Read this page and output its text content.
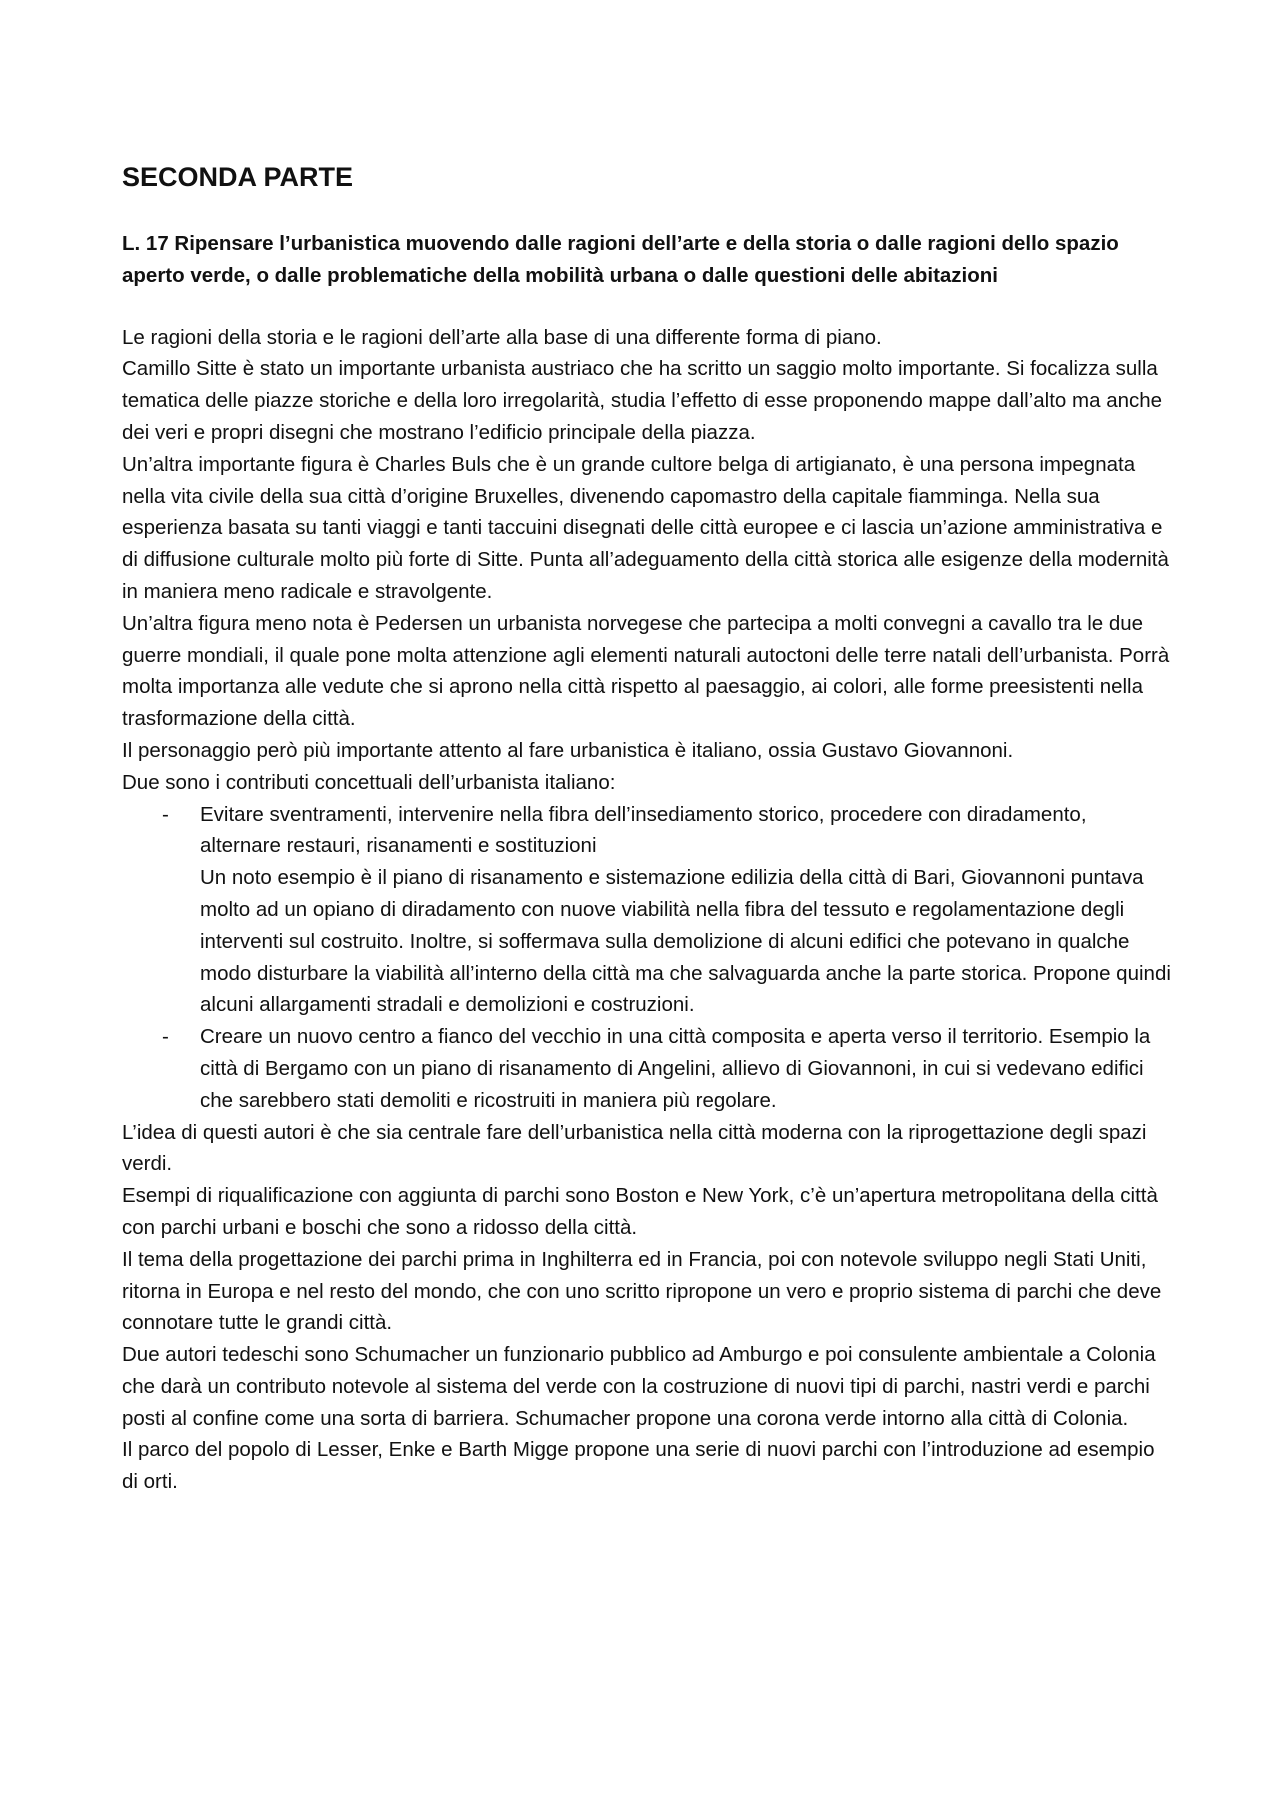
SECONDA PARTE

L. 17 Ripensare l’urbanistica muovendo dalle ragioni dell’arte e della storia o dalle ragioni dello spazio aperto verde, o dalle problematiche della mobilità urbana o dalle questioni delle abitazioni

Le ragioni della storia e le ragioni dell’arte alla base di una differente forma di piano.

Camillo Sitte è stato un importante urbanista austriaco che ha scritto un saggio molto importante. Si focalizza sulla tematica delle piazze storiche e della loro irregolarità, studia l’effetto di esse proponendo mappe dall’alto ma anche dei veri e propri disegni che mostrano l’edificio principale della piazza.

Un’altra importante figura è Charles Buls che è un grande cultore belga di artigianato, è una persona impegnata nella vita civile della sua città d’origine Bruxelles, divenendo capomastro della capitale fiamminga. Nella sua esperienza basata su tanti viaggi e tanti taccuini disegnati delle città europee e ci lascia un’azione amministrativa e di diffusione culturale molto più forte di Sitte. Punta all’adeguamento della città storica alle esigenze della modernità in maniera meno radicale e stravolgente.

Un’altra figura meno nota è Pedersen un urbanista norvegese che partecipa a molti convegni a cavallo tra le due guerre mondiali, il quale pone molta attenzione agli elementi naturali autoctoni delle terre natali dell’urbanista. Porrà molta importanza alle vedute che si aprono nella città rispetto al paesaggio, ai colori, alle forme preesistenti nella trasformazione della città.

Il personaggio però più importante attento al fare urbanistica è italiano, ossia Gustavo Giovannoni.

Due sono i contributi concettuali dell’urbanista italiano:

- Evitare sventramenti, intervenire nella fibra dell’insediamento storico, procedere con diradamento, alternare restauri, risanamenti e sostituzioni
Un noto esempio è il piano di risanamento e sistemazione edilizia della città di Bari, Giovannoni puntava molto ad un opiano di diradamento con nuove viabilità nella fibra del tessuto e regolamentazione degli interventi sul costruito. Inoltre, si soffermava sulla demolizione di alcuni edifici che potevano in qualche modo disturbare la viabilità all’interno della città ma che salvaguarda anche la parte storica. Propone quindi alcuni allargamenti stradali e demolizioni e costruzioni.
- Creare un nuovo centro a fianco del vecchio in una città composita e aperta verso il territorio. Esempio la città di Bergamo con un piano di risanamento di Angelini, allievo di Giovannoni, in cui si vedevano edifici che sarebbero stati demoliti e ricostruiti in maniera più regolare.

L’idea di questi autori è che sia centrale fare dell’urbanistica nella città moderna con la riprogettazione degli spazi verdi.

Esempi di riqualificazione con aggiunta di parchi sono Boston e New York, c’è un’apertura metropolitana della città con parchi urbani e boschi che sono a ridosso della città.

Il tema della progettazione dei parchi prima in Inghilterra ed in Francia, poi con notevole sviluppo negli Stati Uniti, ritorna in Europa e nel resto del mondo, che con uno scritto ripropone un vero e proprio sistema di parchi che deve connotare tutte le grandi città.

Due autori tedeschi sono Schumacher un funzionario pubblico ad Amburgo e poi consulente ambientale a Colonia che darà un contributo notevole al sistema del verde con la costruzione di nuovi tipi di parchi, nastri verdi e parchi posti al confine come una sorta di barriera. Schumacher propone una corona verde intorno alla città di Colonia.

Il parco del popolo di Lesser, Enke e Barth Migge propone una serie di nuovi parchi con l’introduzione ad esempio di orti.
